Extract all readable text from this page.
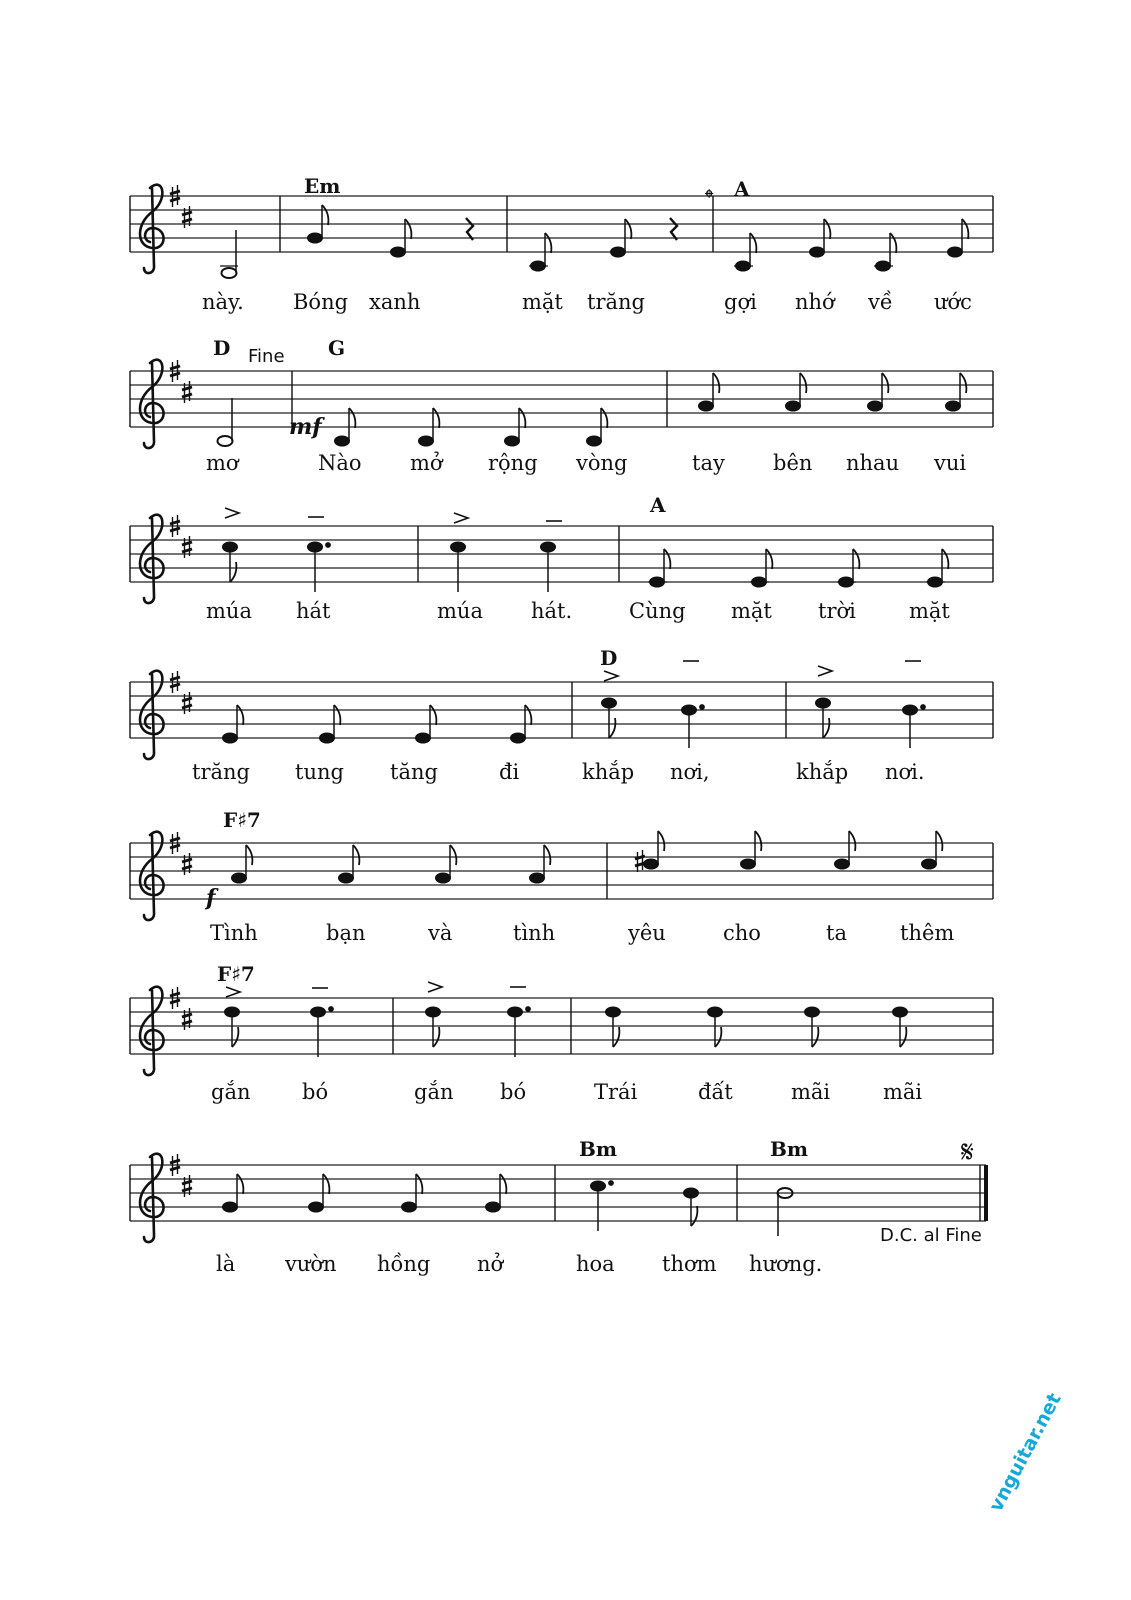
Em	𝄌 A
này. Bóng xanh	mặt trăng	gợi nhớ về ước
D Fine G
mf
mơ	Nào mở rộng vòng	tay bên nhau vui
A
múa hát	múa hát.	Cùng mặt trời	mặt
D
trăng tung tăng	đi	khắp nơi,	khắp nơi.
F♯7
f
Tình	bạn	và	tình	yêu	cho	ta	thêm
F♯7
gắn bó	gắn bó	Trái	đất	mãi	mãi
Bm	Bm	𝄋
D.C. al Fine
là vườn hồng nở	hoa thơm hương.
vnguitar.net
